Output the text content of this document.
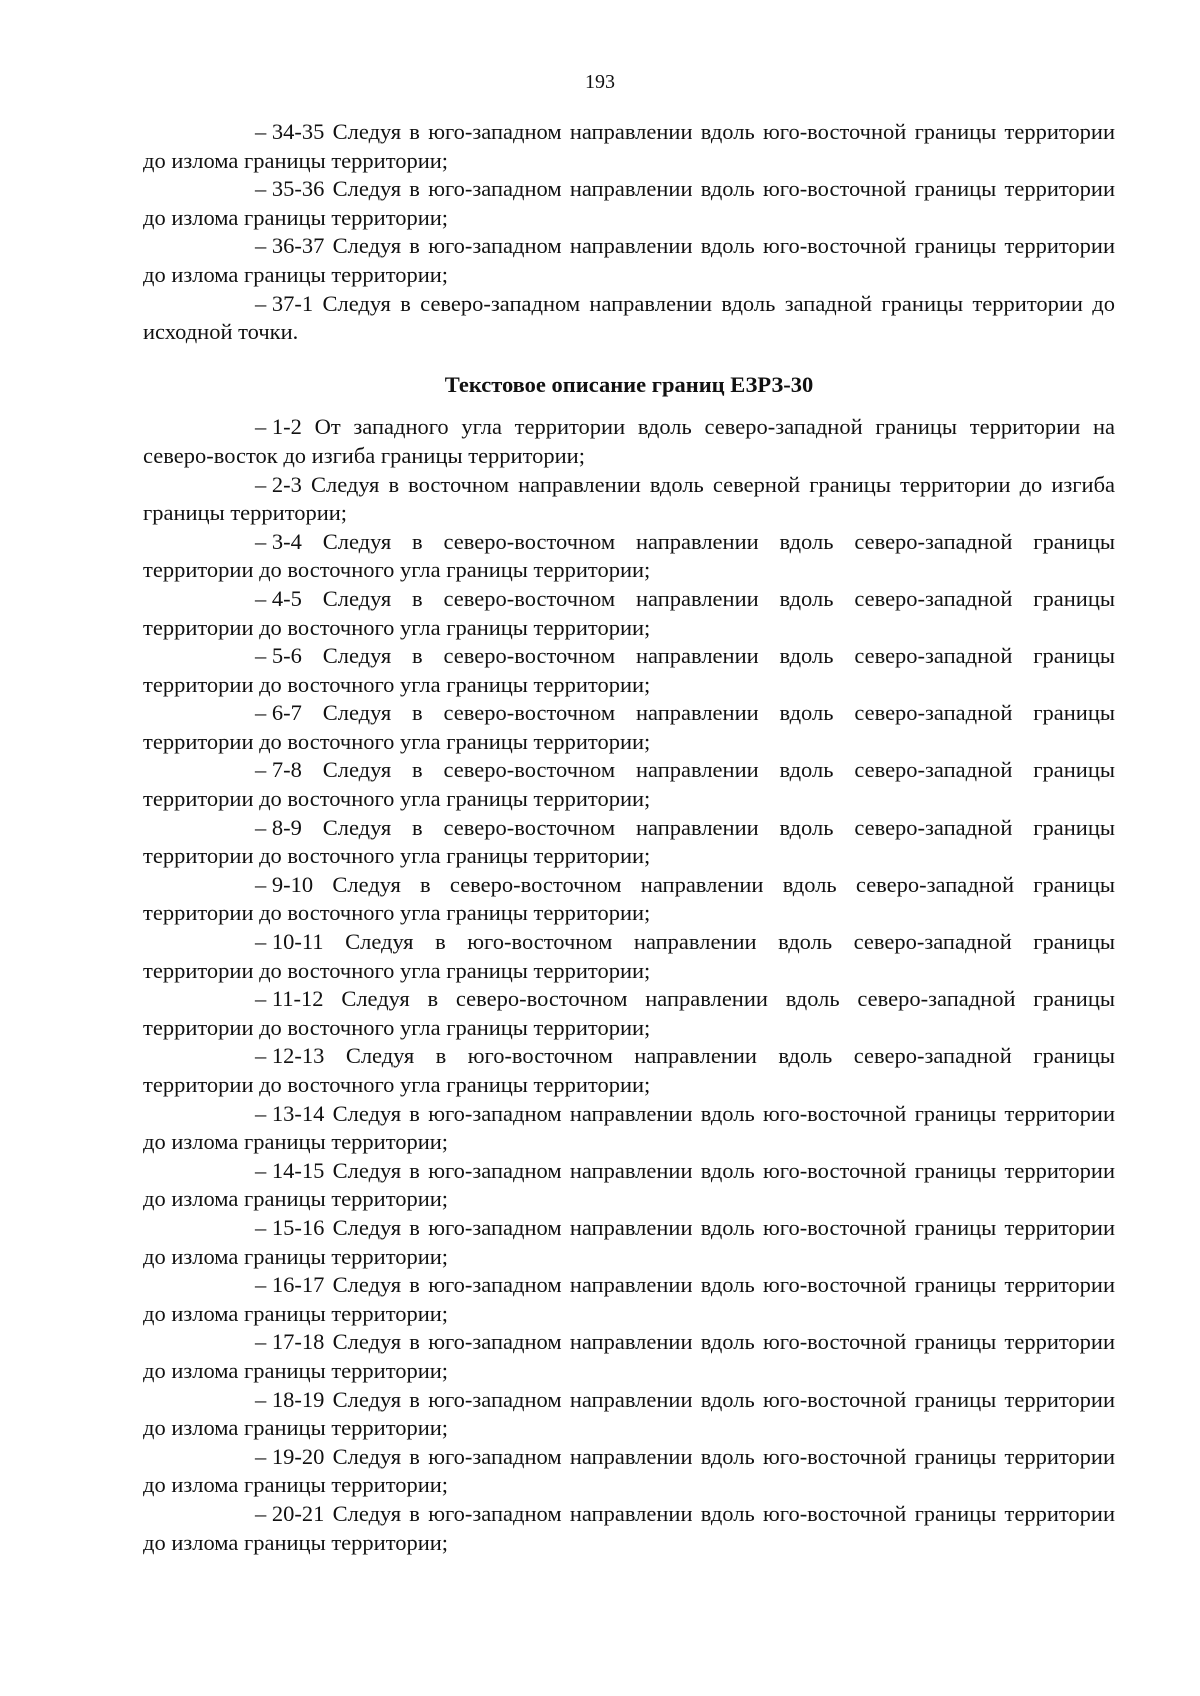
193

– 34-35 Следуя в юго-западном направлении вдоль юго-восточной границы территории до излома границы территории;

– 35-36 Следуя в юго-западном направлении вдоль юго-восточной границы территории до излома границы территории;

– 36-37 Следуя в юго-западном направлении вдоль юго-восточной границы территории до излома границы территории;

– 37-1 Следуя в северо-западном направлении вдоль западной границы территории до исходной точки.

Текстовое описание границ ЕЗРЗ-30

– 1-2 От западного угла территории вдоль северо-западной границы территории на северо-восток до изгиба границы территории;

– 2-3 Следуя в восточном направлении вдоль северной границы территории до изгиба границы территории;

– 3-4 Следуя в северо-восточном направлении вдоль северо-западной границы территории до восточного угла границы территории;

– 4-5 Следуя в северо-восточном направлении вдоль северо-западной границы территории до восточного угла границы территории;

– 5-6 Следуя в северо-восточном направлении вдоль северо-западной границы территории до восточного угла границы территории;

– 6-7 Следуя в северо-восточном направлении вдоль северо-западной границы территории до восточного угла границы территории;

– 7-8 Следуя в северо-восточном направлении вдоль северо-западной границы территории до восточного угла границы территории;

– 8-9 Следуя в северо-восточном направлении вдоль северо-западной границы территории до восточного угла границы территории;

– 9-10 Следуя в северо-восточном направлении вдоль северо-западной границы территории до восточного угла границы территории;

– 10-11 Следуя в юго-восточном направлении вдоль северо-западной границы территории до восточного угла границы территории;

– 11-12 Следуя в северо-восточном направлении вдоль северо-западной границы территории до восточного угла границы территории;

– 12-13 Следуя в юго-восточном направлении вдоль северо-западной границы территории до восточного угла границы территории;

– 13-14 Следуя в юго-западном направлении вдоль юго-восточной границы территории до излома границы территории;

– 14-15 Следуя в юго-западном направлении вдоль юго-восточной границы территории до излома границы территории;

– 15-16 Следуя в юго-западном направлении вдоль юго-восточной границы территории до излома границы территории;

– 16-17 Следуя в юго-западном направлении вдоль юго-восточной границы территории до излома границы территории;

– 17-18 Следуя в юго-западном направлении вдоль юго-восточной границы территории до излома границы территории;

– 18-19 Следуя в юго-западном направлении вдоль юго-восточной границы территории до излома границы территории;

– 19-20 Следуя в юго-западном направлении вдоль юго-восточной границы территории до излома границы территории;

– 20-21 Следуя в юго-западном направлении вдоль юго-восточной границы территории до излома границы территории;
